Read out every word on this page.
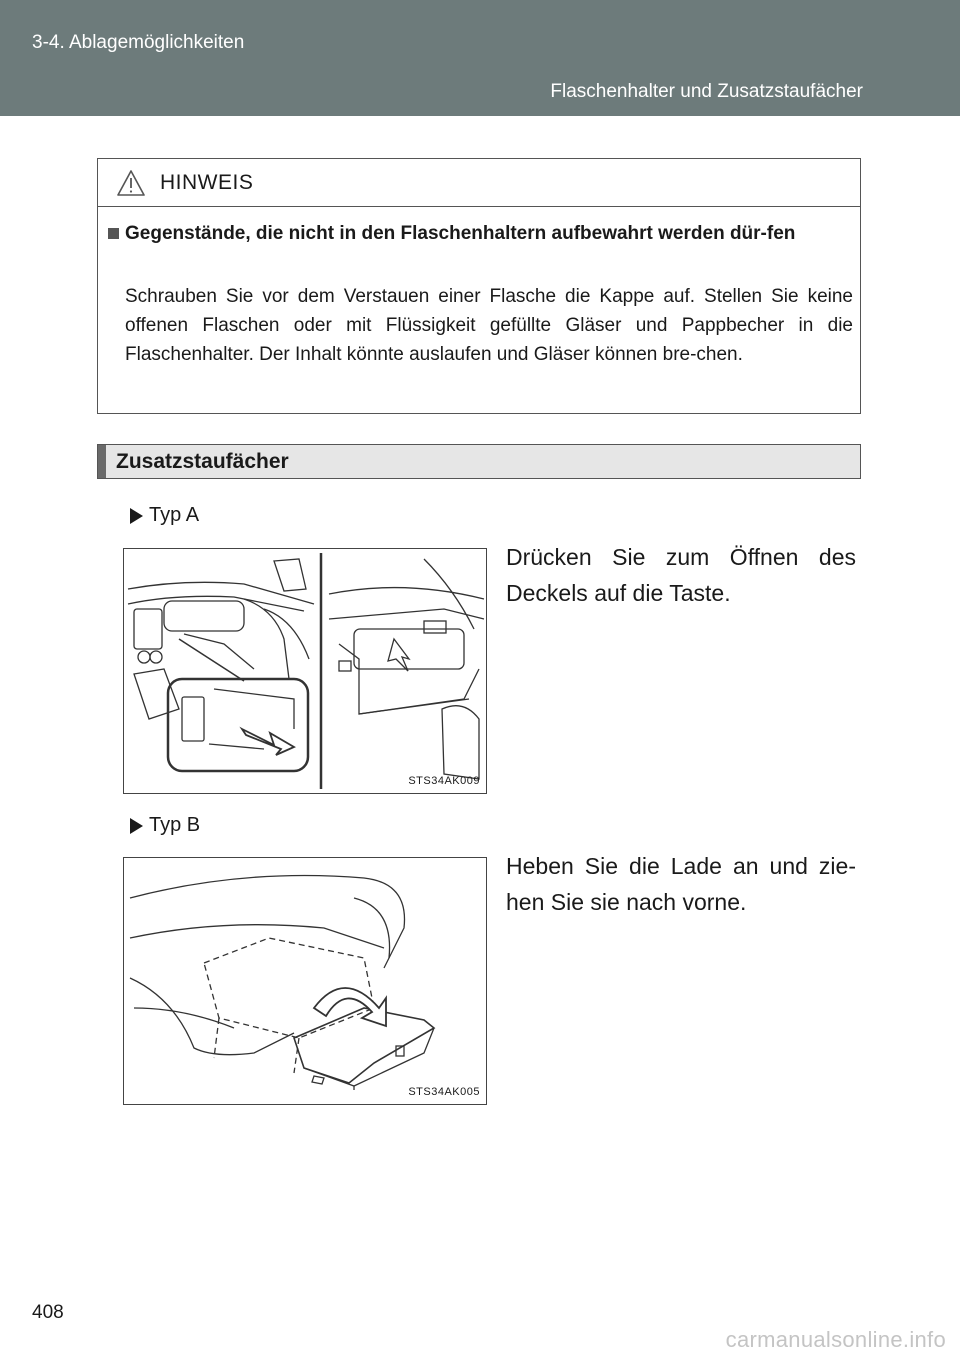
3-4. Ablagemöglichkeiten
Flaschenhalter und Zusatzstaufächer
HINWEIS
Gegenstände, die nicht in den Flaschenhaltern aufbewahrt werden dür-fen
Schrauben Sie vor dem Verstauen einer Flasche die Kappe auf. Stellen Sie keine offenen Flaschen oder mit Flüssigkeit gefüllte Gläser und Pappbecher in die Flaschenhalter. Der Inhalt könnte auslaufen und Gläser können bre-chen.
Zusatzstaufächer
Typ A
STS34AK009
Drücken Sie zum Öffnen des Deckels auf die Taste.
Typ B
STS34AK005
Heben Sie die Lade an und zie-hen Sie sie nach vorne.
408
carmanualsonline.info
